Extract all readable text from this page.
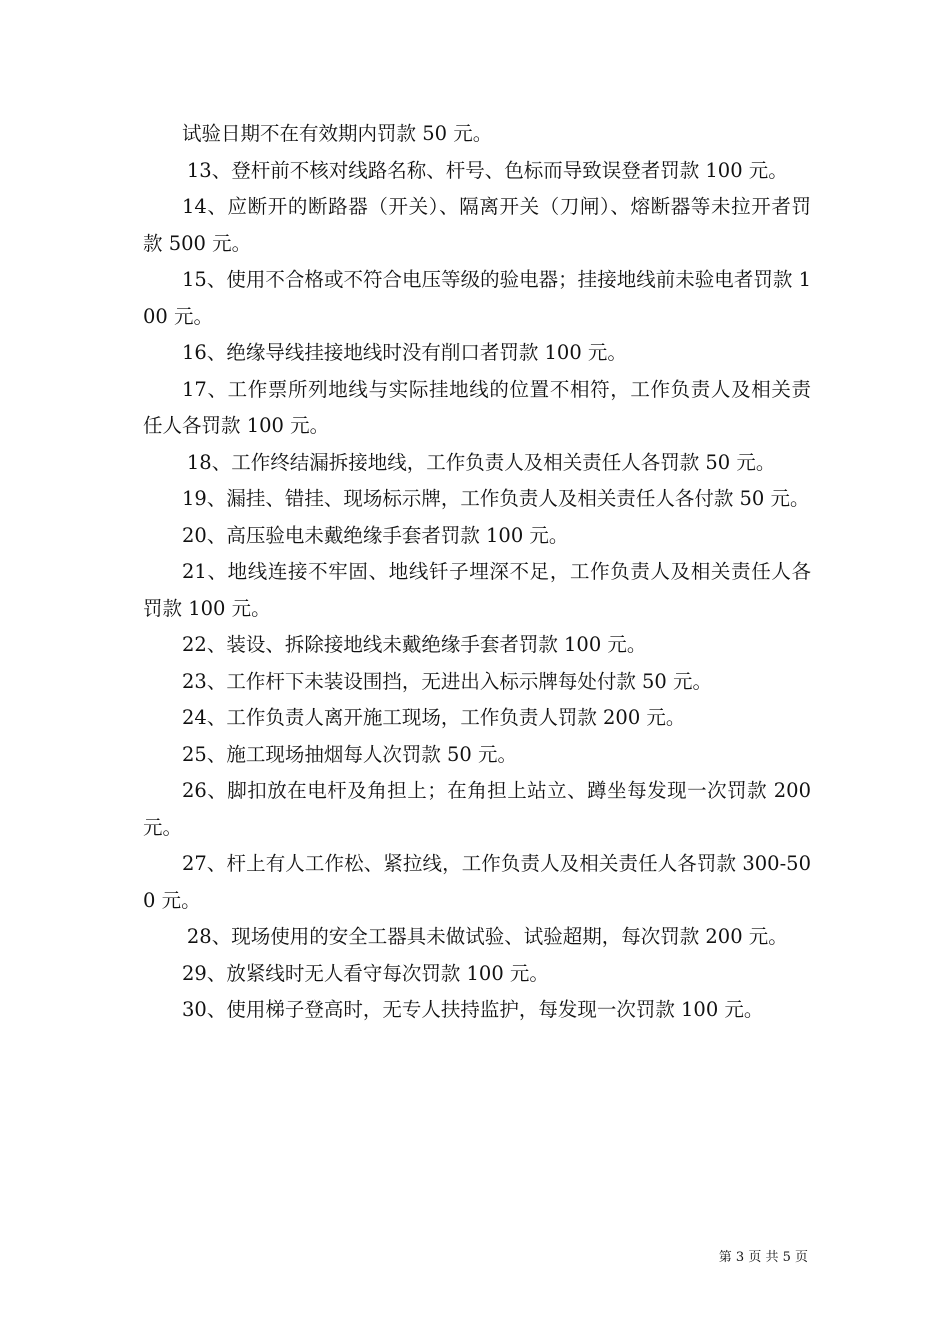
试验日期不在有效期内罚款 50 元。

13、登杆前不核对线路名称、杆号、色标而导致误登者罚款 100 元。

14、应断开的断路器（开关）、隔离开关（刀闸）、熔断器等未拉开者罚款 500 元。

15、使用不合格或不符合电压等级的验电器；挂接地线前未验电者罚款 100 元。

16、绝缘导线挂接地线时没有削口者罚款 100 元。

17、工作票所列地线与实际挂地线的位置不相符，工作负责人及相关责任人各罚款 100 元。

18、工作终结漏拆接地线，工作负责人及相关责任人各罚款 50 元。

19、漏挂、错挂、现场标示牌，工作负责人及相关责任人各付款 50 元。

20、高压验电未戴绝缘手套者罚款 100 元。

21、地线连接不牢固、地线钎子埋深不足，工作负责人及相关责任人各罚款 100 元。

22、装设、拆除接地线未戴绝缘手套者罚款 100 元。

23、工作杆下未装设围挡，无进出入标示牌每处付款 50 元。

24、工作负责人离开施工现场，工作负责人罚款 200 元。

25、施工现场抽烟每人次罚款 50 元。

26、脚扣放在电杆及角担上；在角担上站立、蹲坐每发现一次罚款 200 元。

27、杆上有人工作松、紧拉线，工作负责人及相关责任人各罚款 300-500 元。

28、现场使用的安全工器具未做试验、试验超期，每次罚款 200 元。

29、放紧线时无人看守每次罚款 100 元。

30、使用梯子登高时，无专人扶持监护，每发现一次罚款 100 元。

第 3 页 共 5 页
